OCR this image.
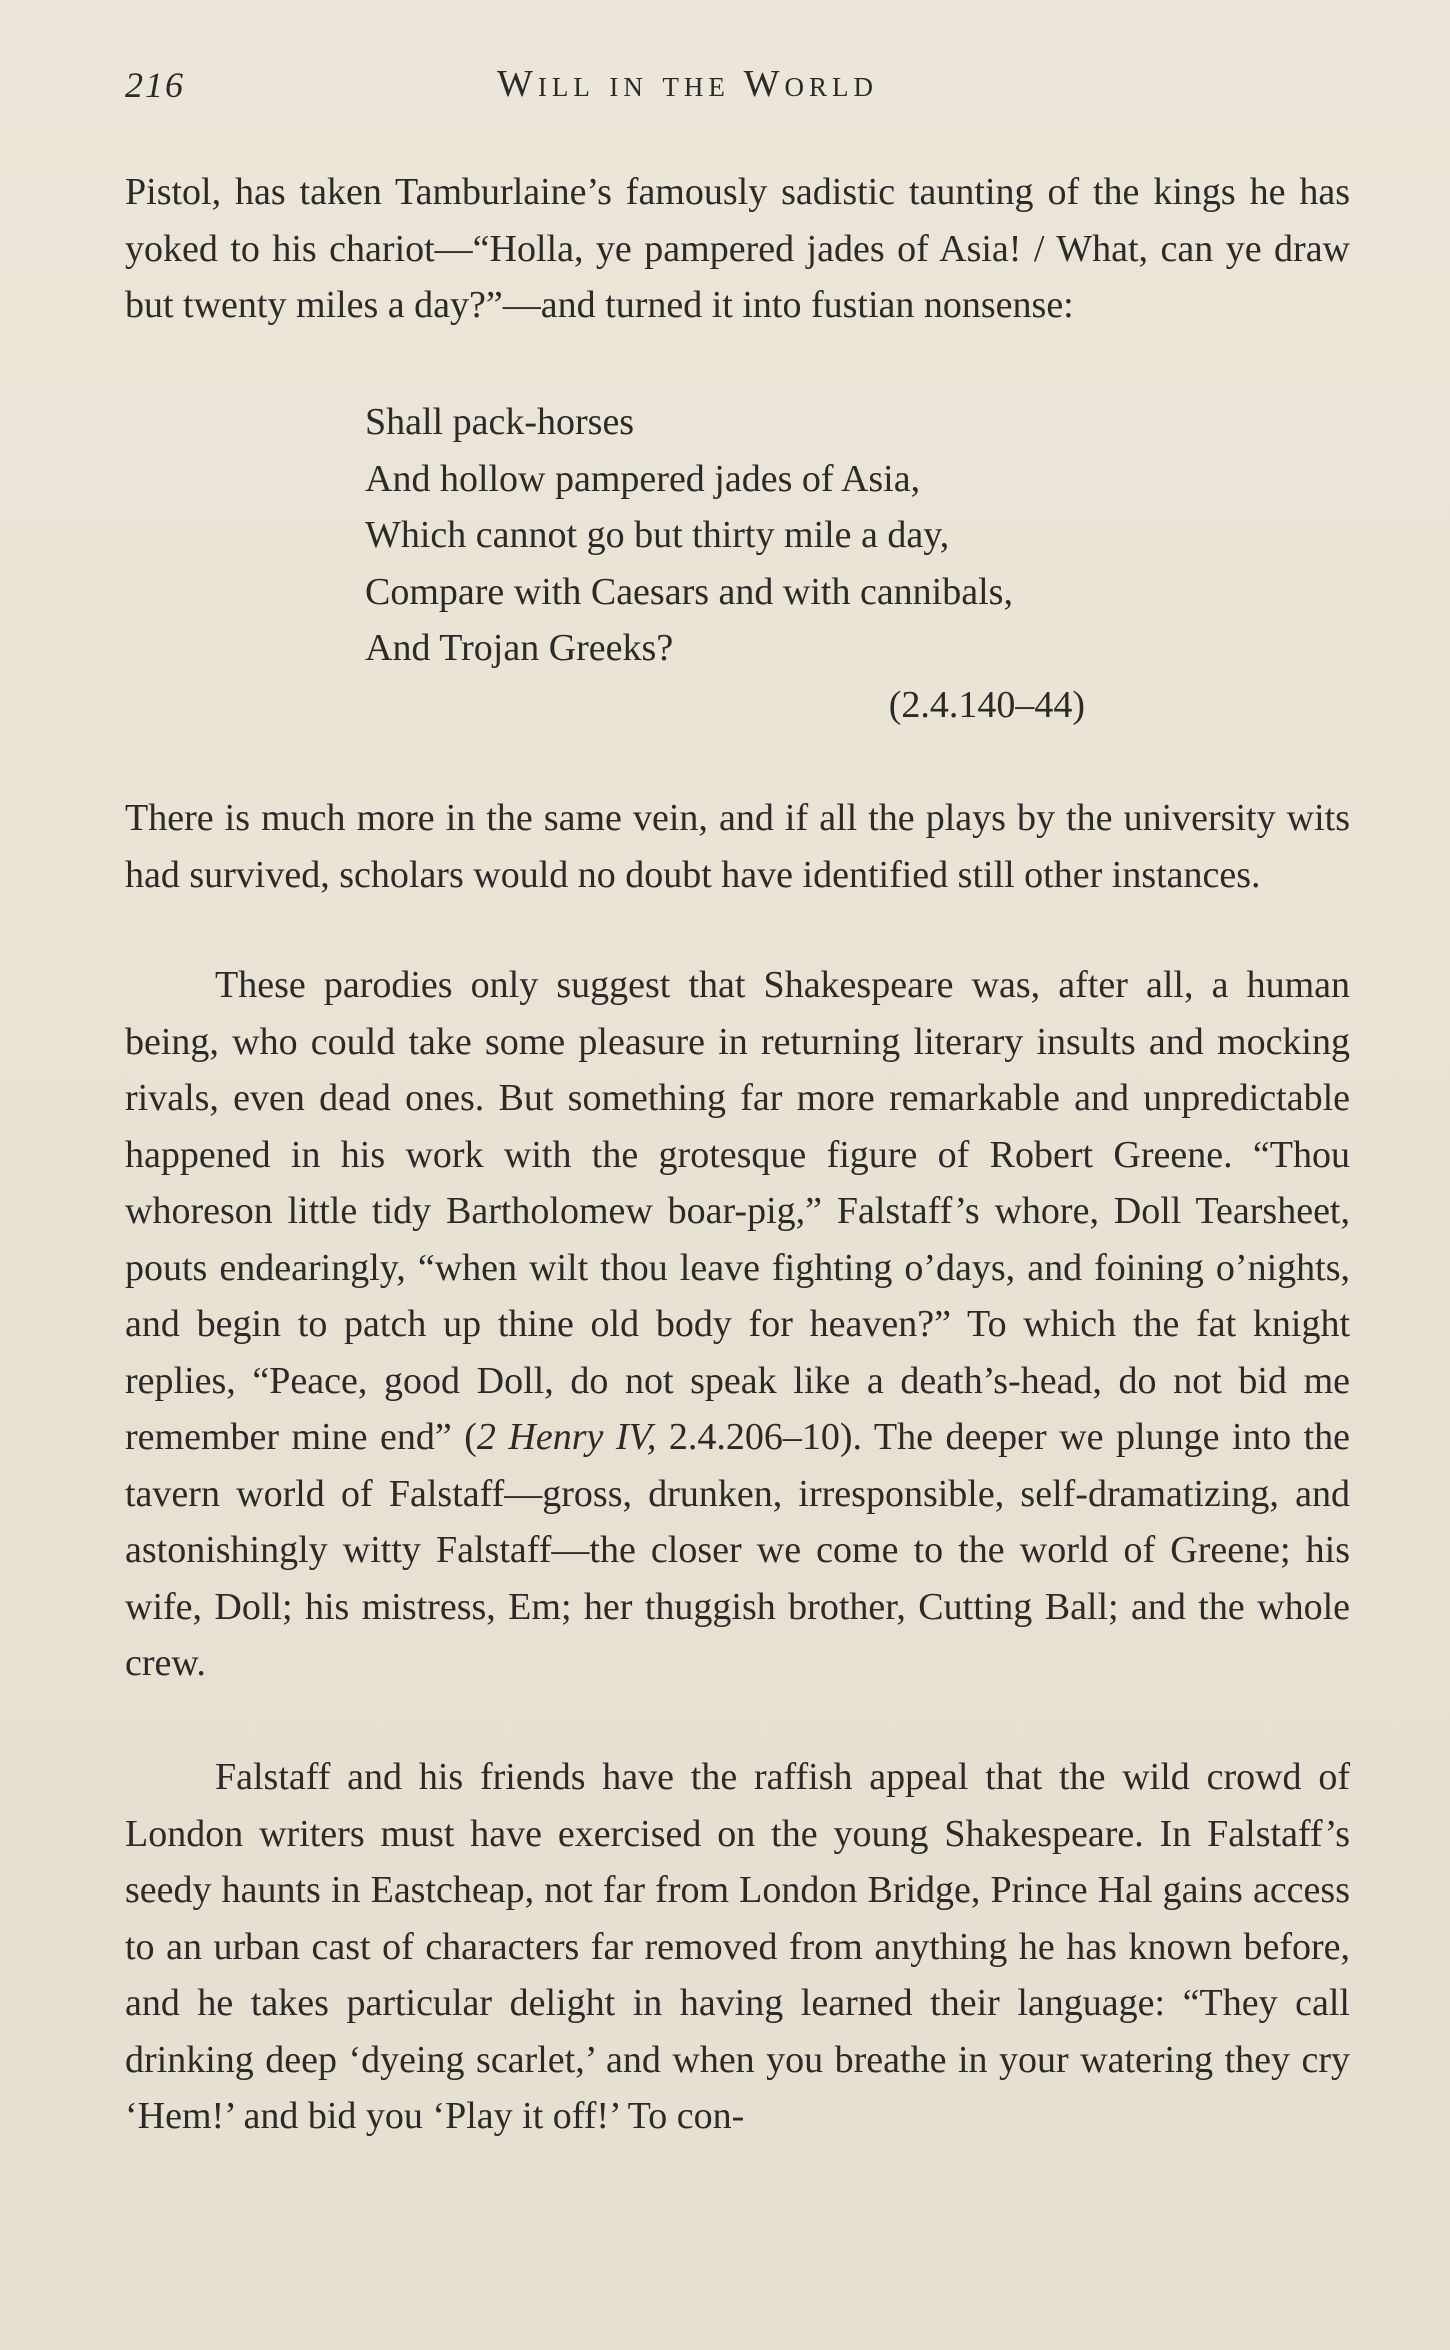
216	Will in the World

Pistol, has taken Tamburlaine’s famously sadistic taunting of the kings he has yoked to his chariot—“Holla, ye pampered jades of Asia! / What, can ye draw but twenty miles a day?”—and turned it into fustian nonsense:

Shall pack-horses
And hollow pampered jades of Asia,
Which cannot go but thirty mile a day,
Compare with Caesars and with cannibals,
And Trojan Greeks?
(2.4.140–44)

There is much more in the same vein, and if all the plays by the university wits had survived, scholars would no doubt have identified still other instances.

These parodies only suggest that Shakespeare was, after all, a human being, who could take some pleasure in returning literary insults and mocking rivals, even dead ones. But something far more remarkable and unpredictable happened in his work with the grotesque figure of Robert Greene. “Thou whoreson little tidy Bartholomew boar-pig,” Falstaff’s whore, Doll Tearsheet, pouts endearingly, “when wilt thou leave fighting o’days, and foining o’nights, and begin to patch up thine old body for heaven?” To which the fat knight replies, “Peace, good Doll, do not speak like a death’s-head, do not bid me remember mine end” (2 Henry IV, 2.4.206–10). The deeper we plunge into the tavern world of Falstaff—gross, drunken, irresponsible, self-dramatizing, and astonishingly witty Falstaff—the closer we come to the world of Greene; his wife, Doll; his mistress, Em; her thuggish brother, Cutting Ball; and the whole crew.

Falstaff and his friends have the raffish appeal that the wild crowd of London writers must have exercised on the young Shakespeare. In Falstaff’s seedy haunts in Eastcheap, not far from London Bridge, Prince Hal gains access to an urban cast of characters far removed from anything he has known before, and he takes particular delight in having learned their language: “They call drinking deep ‘dyeing scarlet,’ and when you breathe in your watering they cry ‘Hem!’ and bid you ‘Play it off!’ To con-
